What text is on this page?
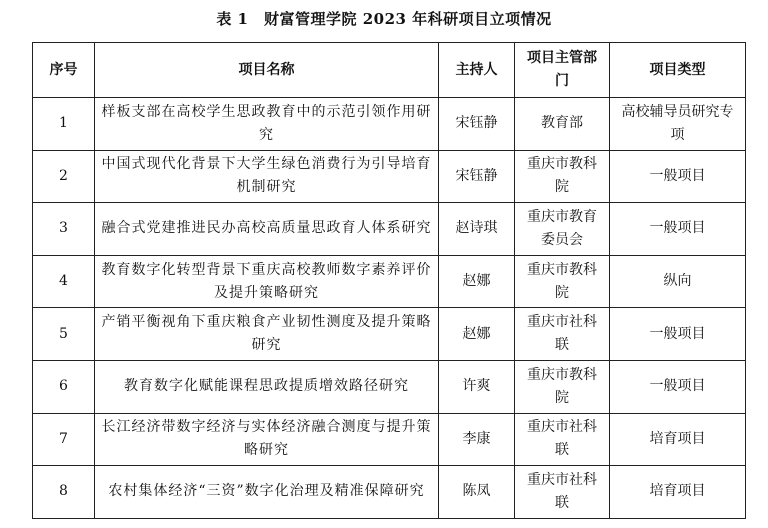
表 1　财富管理学院 2023 年科研项目立项情况
序号	项目名称	主持人	项目主管部门	项目类型
1	样板支部在高校学生思政教育中的示范引领作用研究	宋钰静	教育部	高校辅导员研究专项
2	中国式现代化背景下大学生绿色消费行为引导培育机制研究	宋钰静	重庆市教科院	一般项目
3	融合式党建推进民办高校高质量思政育人体系研究	赵诗琪	重庆市教育委员会	一般项目
4	教育数字化转型背景下重庆高校教师数字素养评价及提升策略研究	赵娜	重庆市教科院	纵向
5	产销平衡视角下重庆粮食产业韧性测度及提升策略研究	赵娜	重庆市社科联	一般项目
6	教育数字化赋能课程思政提质增效路径研究	许爽	重庆市教科院	一般项目
7	长江经济带数字经济与实体经济融合测度与提升策略研究	李康	重庆市社科联	培育项目
8	农村集体经济“三资”数字化治理及精准保障研究	陈凤	重庆市社科联	培育项目
